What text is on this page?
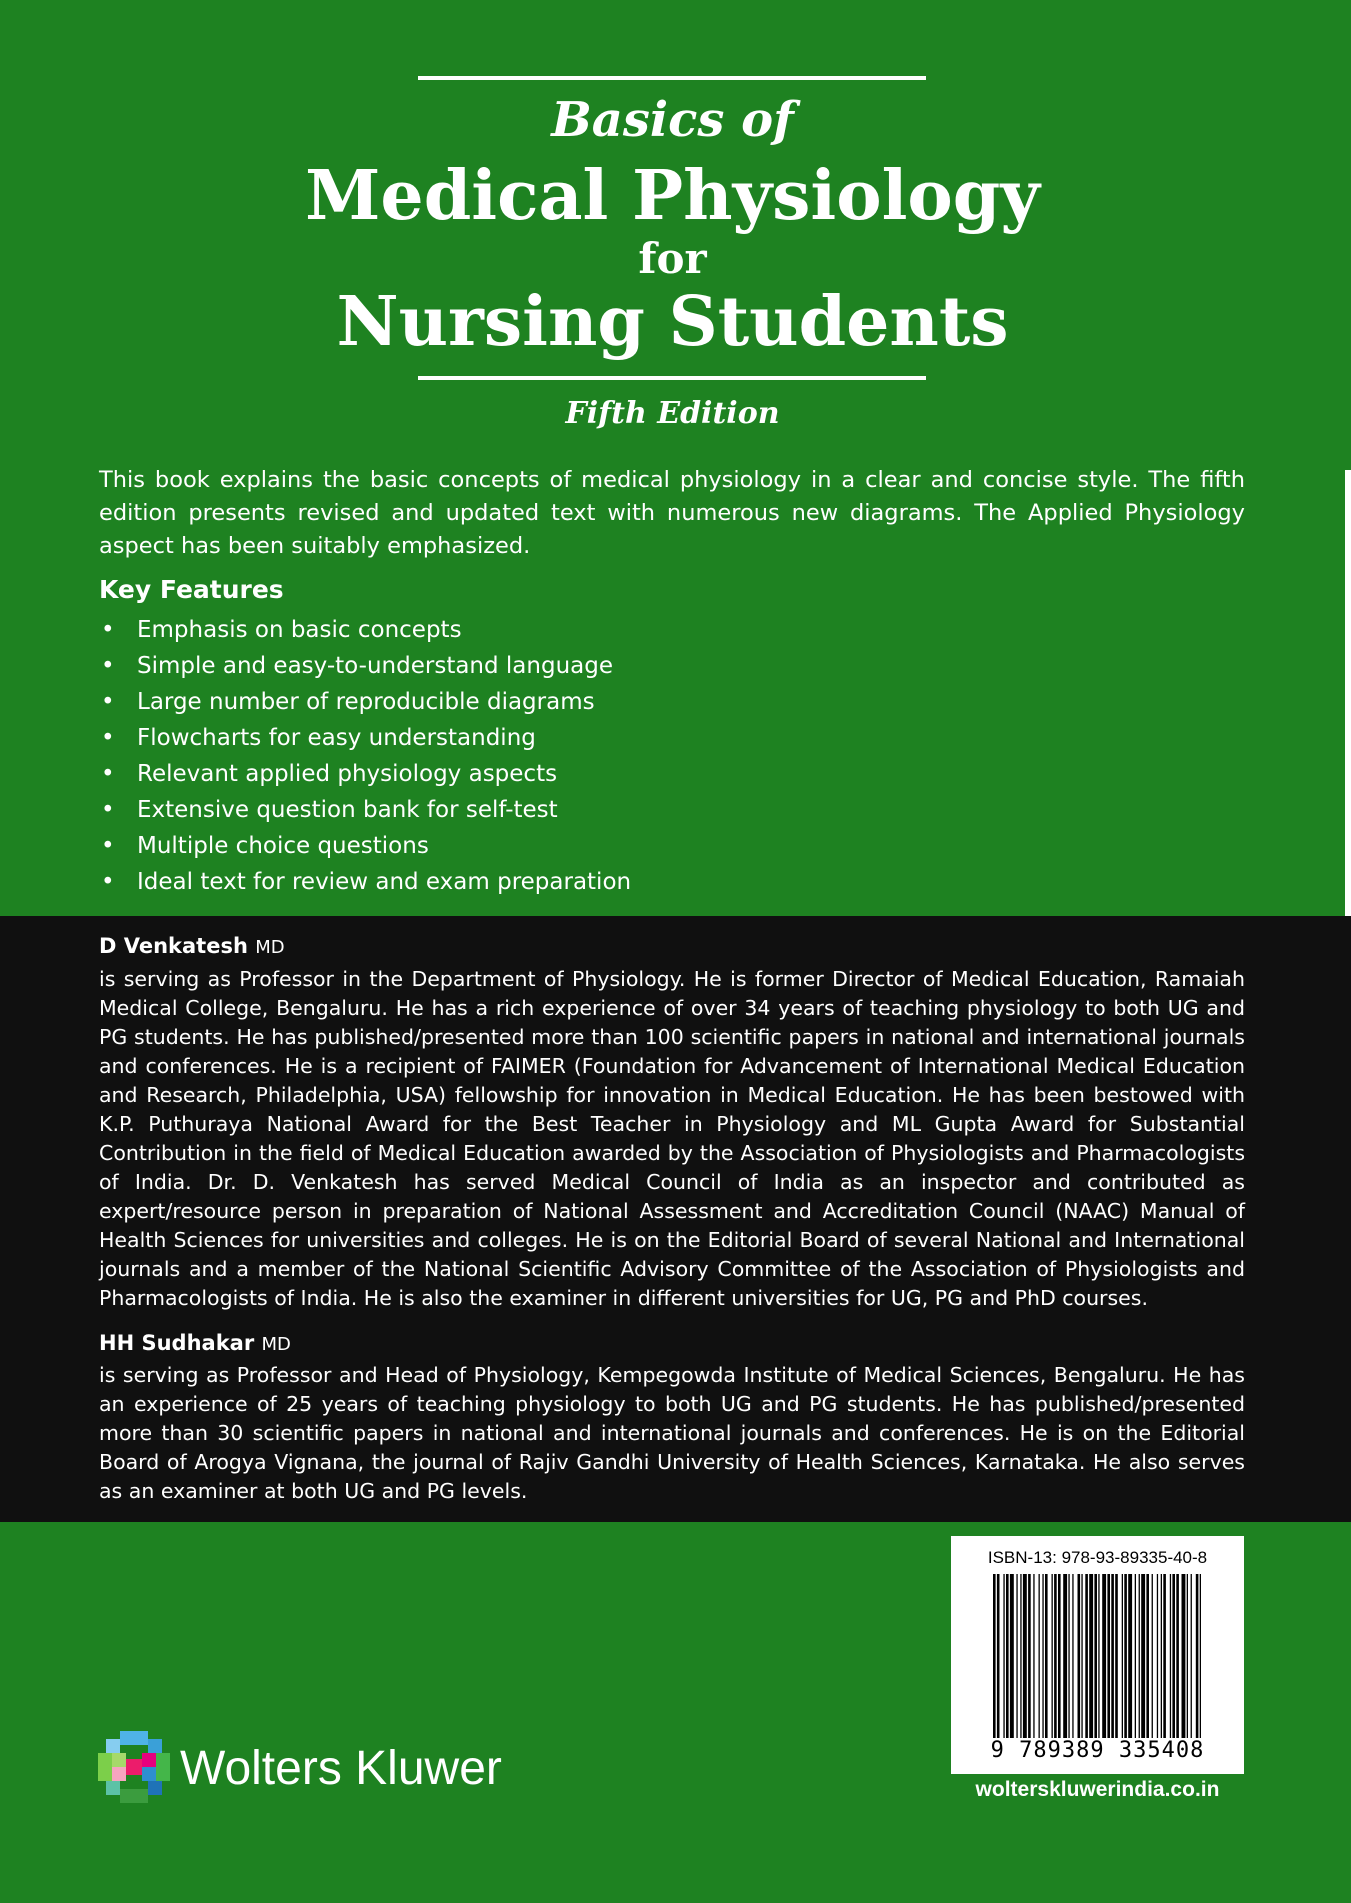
Basics of
Medical Physiology
for
Nursing Students
Fifth Edition
This book explains the basic concepts of medical physiology in a clear and concise style. The fifth edition presents revised and updated text with numerous new diagrams. The Applied Physiology aspect has been suitably emphasized.
Key Features
• Emphasis on basic concepts
• Simple and easy-to-understand language
• Large number of reproducible diagrams
• Flowcharts for easy understanding
• Relevant applied physiology aspects
• Extensive question bank for self-test
• Multiple choice questions
• Ideal text for review and exam preparation
D Venkatesh MD
is serving as Professor in the Department of Physiology. He is former Director of Medical Education, Ramaiah Medical College, Bengaluru. He has a rich experience of over 34 years of teaching physiology to both UG and PG students. He has published/presented more than 100 scientific papers in national and international journals and conferences. He is a recipient of FAIMER (Foundation for Advancement of International Medical Education and Research, Philadelphia, USA) fellowship for innovation in Medical Education. He has been bestowed with K.P. Puthuraya National Award for the Best Teacher in Physiology and ML Gupta Award for Substantial Contribution in the field of Medical Education awarded by the Association of Physiologists and Pharmacologists of India. Dr. D. Venkatesh has served Medical Council of India as an inspector and contributed as expert/resource person in preparation of National Assessment and Accreditation Council (NAAC) Manual of Health Sciences for universities and colleges. He is on the Editorial Board of several National and International journals and a member of the National Scientific Advisory Committee of the Association of Physiologists and Pharmacologists of India. He is also the examiner in different universities for UG, PG and PhD courses.
HH Sudhakar MD
is serving as Professor and Head of Physiology, Kempegowda Institute of Medical Sciences, Bengaluru. He has an experience of 25 years of teaching physiology to both UG and PG students. He has published/presented more than 30 scientific papers in national and international journals and conferences. He is on the Editorial Board of Arogya Vignana, the journal of Rajiv Gandhi University of Health Sciences, Karnataka. He also serves as an examiner at both UG and PG levels.
ISBN-13: 978-93-89335-40-8
9 789389 335408
wolterskluwerindia.co.in
Wolters Kluwer
